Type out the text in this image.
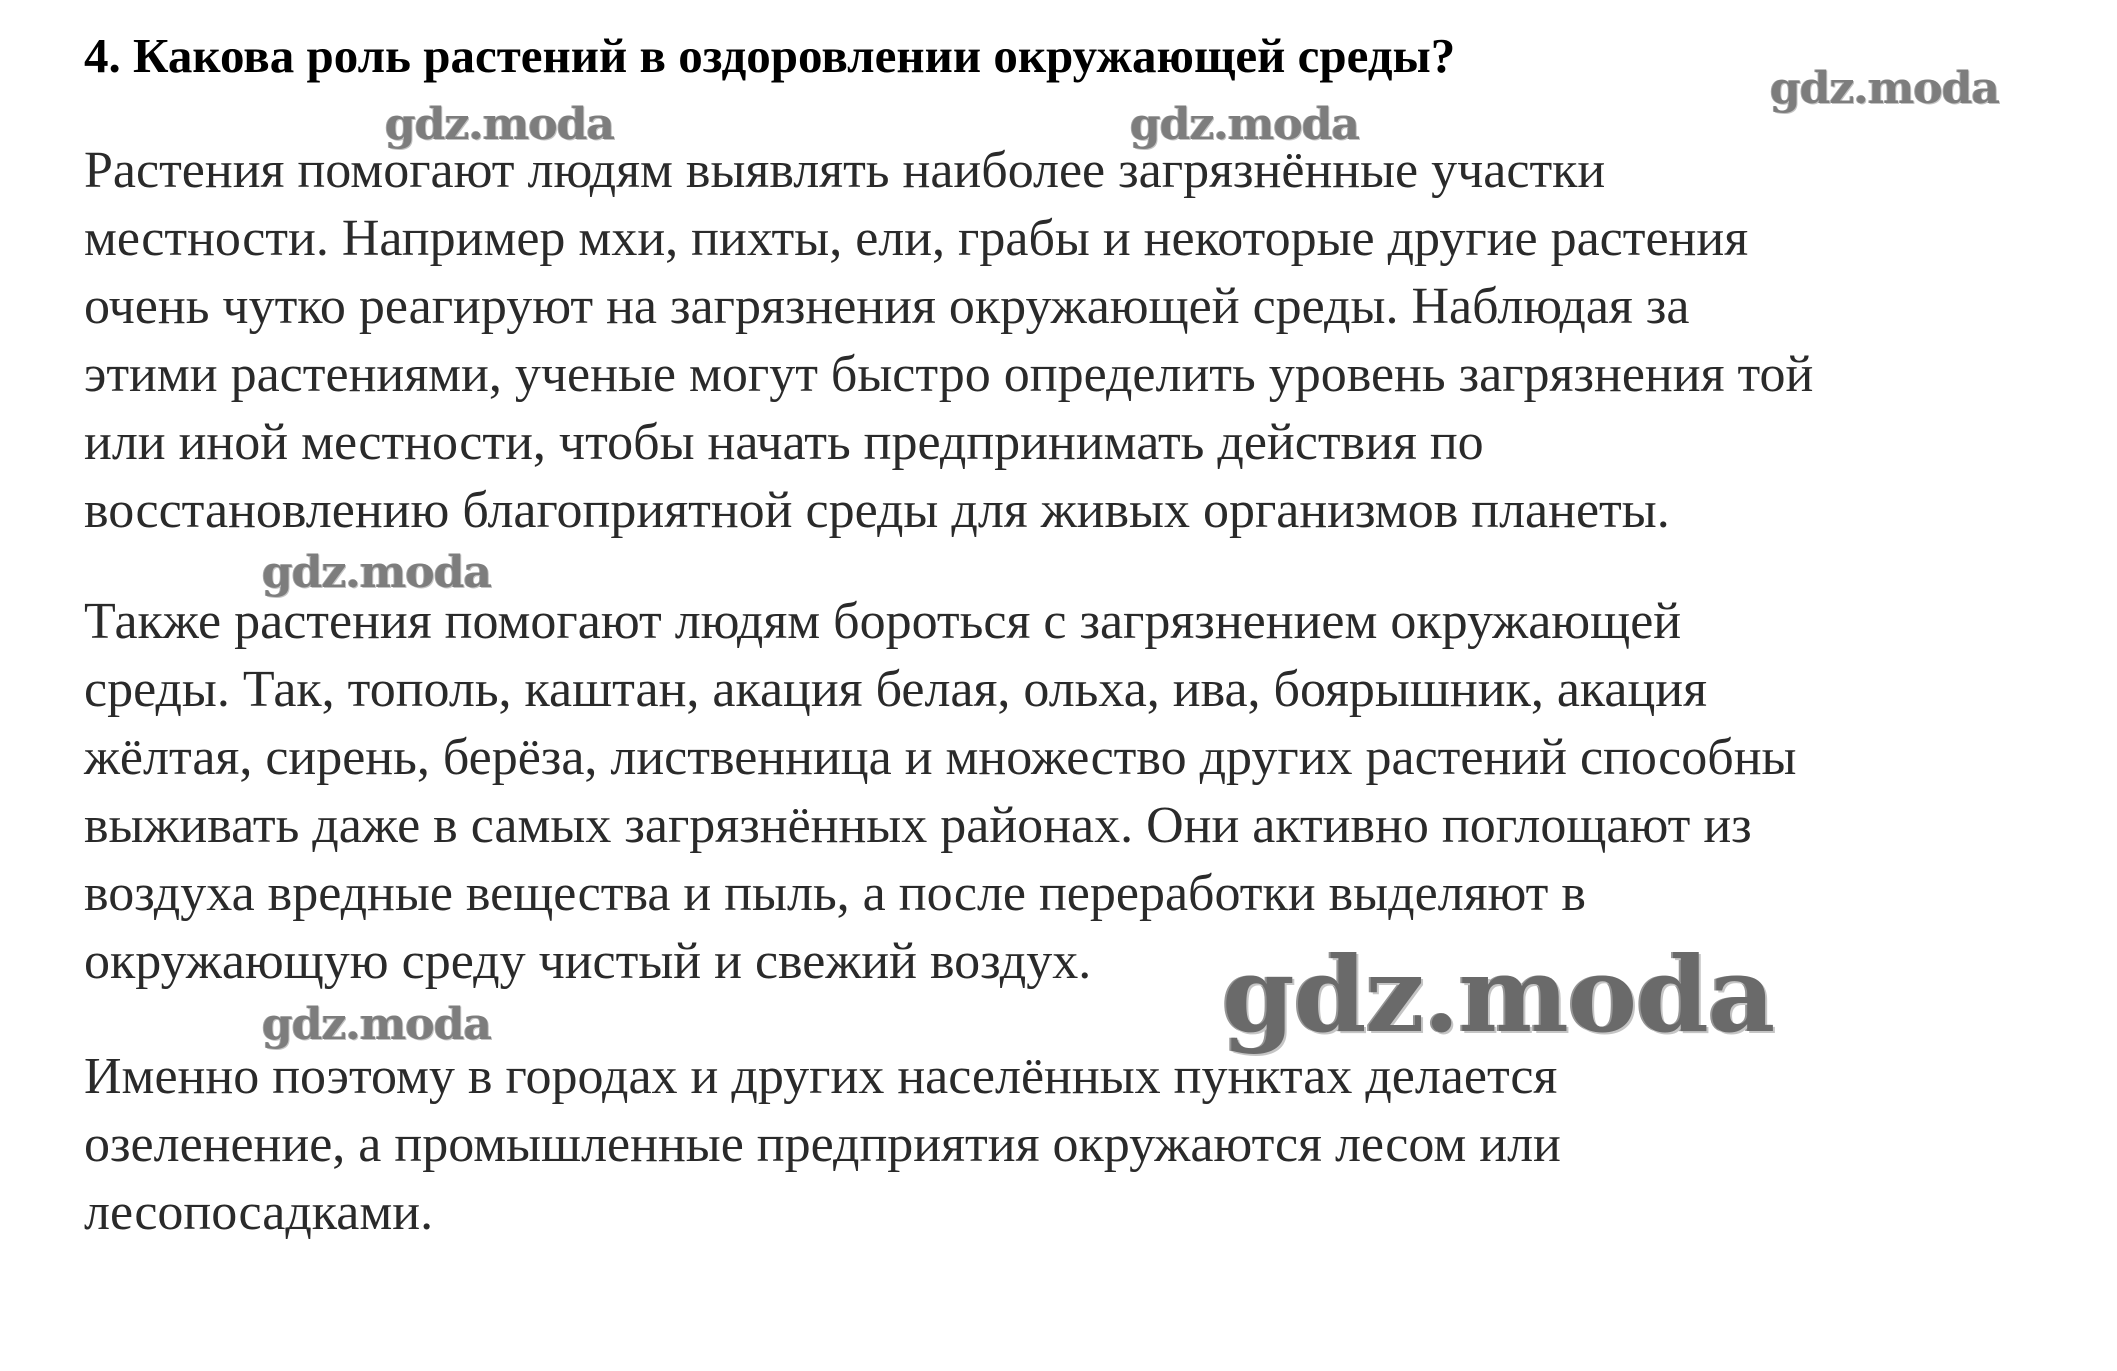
4. Какова роль растений в оздоровлении окружающей среды?

Растения помогают людям выявлять наиболее загрязнённые участки
местности. Например мхи, пихты, ели, грабы и некоторые другие растения
очень чутко реагируют на загрязнения окружающей среды. Наблюдая за
этими растениями, ученые могут быстро определить уровень загрязнения той
или иной местности, чтобы начать предпринимать действия по
восстановлению благоприятной среды для живых организмов планеты.

Также растения помогают людям бороться с загрязнением окружающей
среды. Так, тополь, каштан, акация белая, ольха, ива, боярышник, акация
жёлтая, сирень, берёза, лиственница и множество других растений способны
выживать даже в самых загрязнённых районах. Они активно поглощают из
воздуха вредные вещества и пыль, а после переработки выделяют в
окружающую среду чистый и свежий воздух.

Именно поэтому в городах и других населённых пунктах делается
озеленение, а промышленные предприятия окружаются лесом или
лесопосадками.

gdz.moda
gdz.moda	gdz.moda
gdz.moda
gdz.moda
gdz.moda
